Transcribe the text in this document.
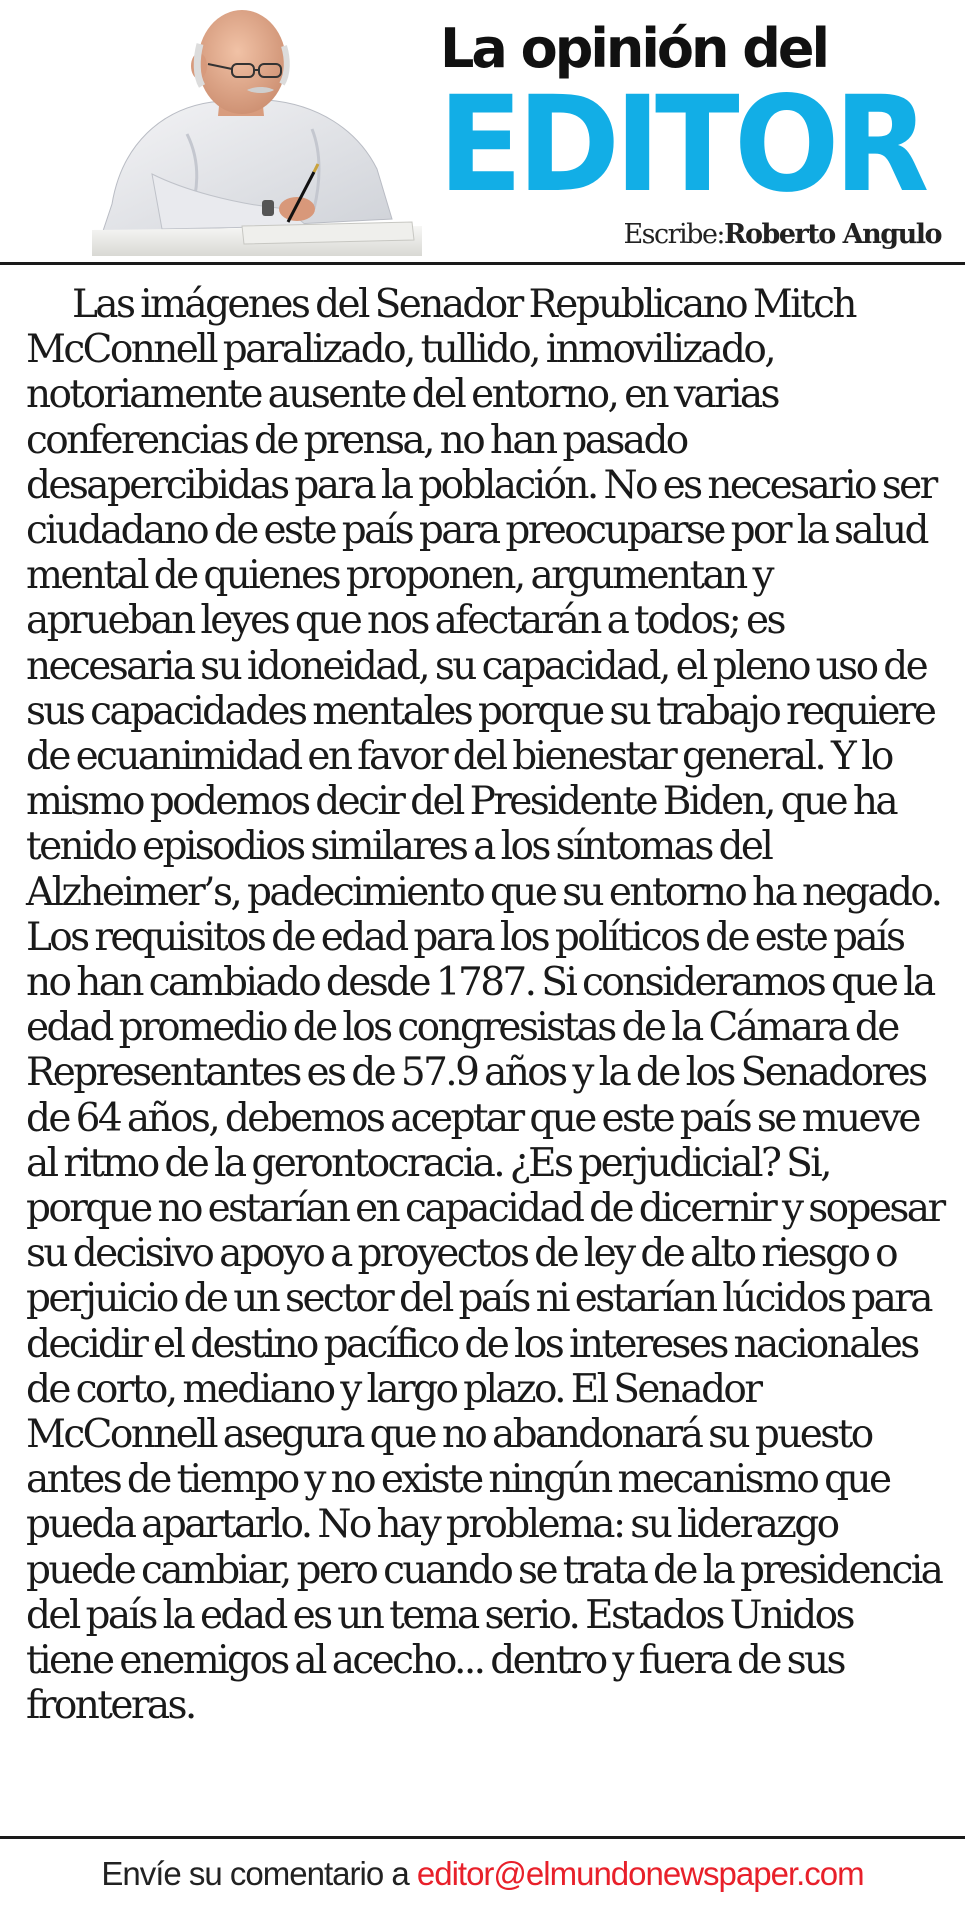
La opinión del
EDITOR
Escribe:Roberto Angulo

Las imágenes del Senador Republicano Mitch McConnell paralizado, tullido, inmovilizado, notoriamente ausente del entorno, en varias conferencias de prensa, no han pasado desapercibidas para la población. No es necesario ser ciudadano de este país para preocuparse por la salud mental de quienes proponen, argumentan y aprueban leyes que nos afectarán a todos; es necesaria su idoneidad, su capacidad, el pleno uso de sus capacidades mentales porque su trabajo requiere de ecuanimidad en favor del bienestar general. Y lo mismo podemos decir del Presidente Biden, que ha tenido episodios similares a los síntomas del Alzheimer’s, padecimiento que su entorno ha negado. Los requisitos de edad para los políticos de este país no han cambiado desde 1787. Si consideramos que la edad promedio de los congresistas de la Cámara de Representantes es de 57.9 años y la de los Senadores de 64 años, debemos aceptar que este país se mueve al ritmo de la gerontocracia. ¿Es perjudicial? Si, porque no estarían en capacidad de dicernir y sopesar su decisivo apoyo a proyectos de ley de alto riesgo o perjuicio de un sector del país ni estarían lúcidos para decidir el destino pacífico de los intereses nacionales de corto, mediano y largo plazo. El Senador McConnell asegura que no abandonará su puesto antes de tiempo y no existe ningún mecanismo que pueda apartarlo. No hay problema: su liderazgo puede cambiar, pero cuando se trata de la presidencia del país la edad es un tema serio. Estados Unidos tiene enemigos al acecho... dentro y fuera de sus fronteras.

Envíe su comentario a editor@elmundonewspaper.com
